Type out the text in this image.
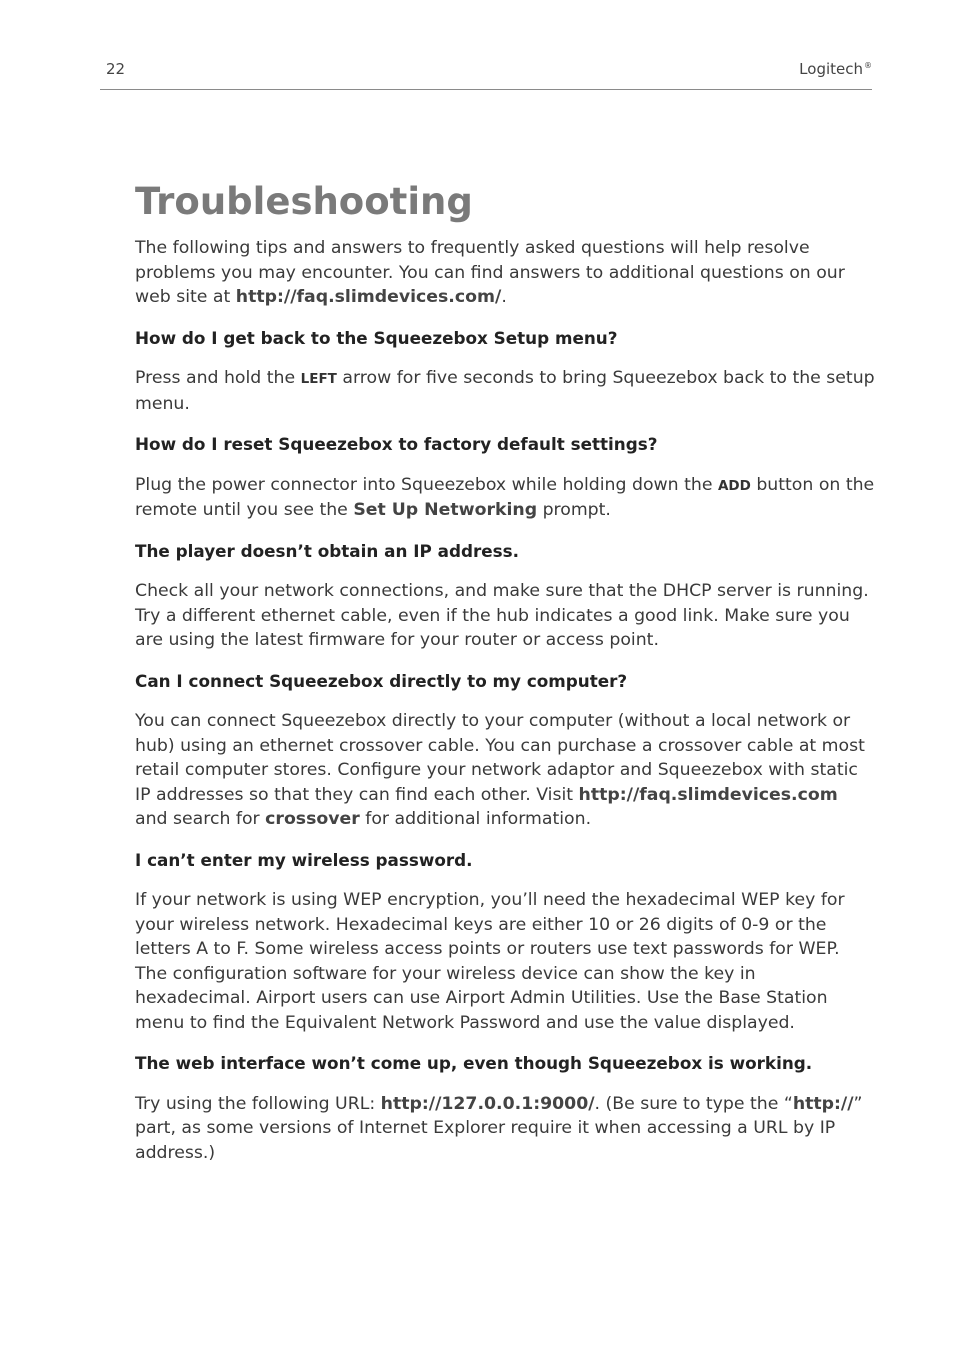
22	Logitech®
Troubleshooting

The following tips and answers to frequently asked questions will help resolve problems you may encounter. You can find answers to additional questions on our web site at http://faq.slimdevices.com/.

How do I get back to the Squeezebox Setup menu?

Press and hold the LEFT arrow for five seconds to bring Squeezebox back to the setup menu.

How do I reset Squeezebox to factory default settings?

Plug the power connector into Squeezebox while holding down the ADD button on the remote until you see the Set Up Networking prompt.

The player doesn’t obtain an IP address.

Check all your network connections, and make sure that the DHCP server is running. Try a different ethernet cable, even if the hub indicates a good link. Make sure you are using the latest firmware for your router or access point.

Can I connect Squeezebox directly to my computer?

You can connect Squeezebox directly to your computer (without a local network or hub) using an ethernet crossover cable. You can purchase a crossover cable at most retail computer stores. Configure your network adaptor and Squeezebox with static IP addresses so that they can find each other. Visit http://faq.slimdevices.com and search for crossover for additional information.

I can’t enter my wireless password.

If your network is using WEP encryption, you’ll need the hexadecimal WEP key for your wireless network. Hexadecimal keys are either 10 or 26 digits of 0-9 or the letters A to F. Some wireless access points or routers use text passwords for WEP. The configuration software for your wireless device can show the key in hexadecimal. Airport users can use Airport Admin Utilities. Use the Base Station menu to find the Equivalent Network Password and use the value displayed.

The web interface won’t come up, even though Squeezebox is working.

Try using the following URL: http://127.0.0.1:9000/. (Be sure to type the “http://” part, as some versions of Internet Explorer require it when accessing a URL by IP address.)
